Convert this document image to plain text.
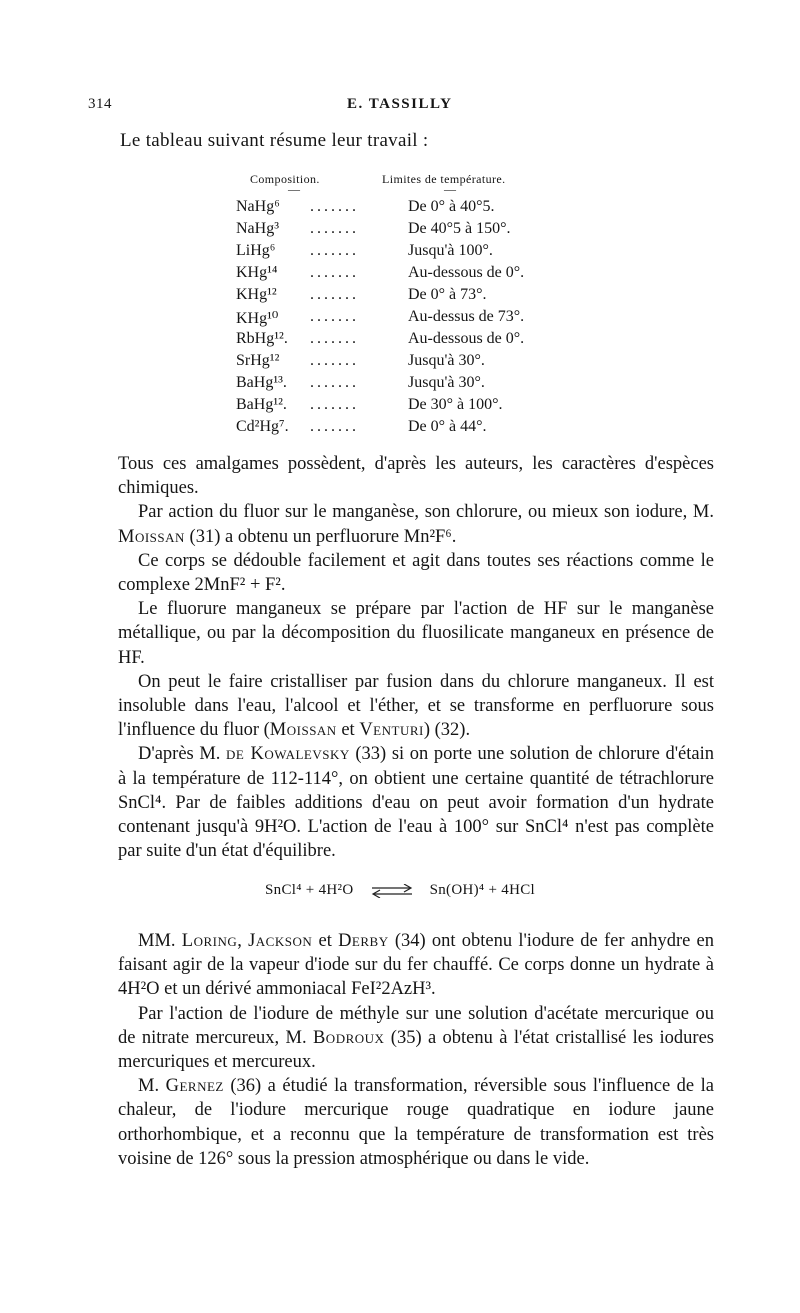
314	E. TASSILLY
Le tableau suivant résume leur travail :
Composition.	Limites de température.
—	—
NaHg⁶ .......	De 0° à 40°5.
NaHg³ .......	De 40°5 à 150°.
LiHg⁶ .......	Jusqu'à 100°.
KHg¹⁴ .......	Au-dessous de 0°.
KHg¹² .......	De 0° à 73°.
KHg¹⁰ .......	Au-dessus de 73°.
RbHg¹². .......	Au-dessous de 0°.
SrHg¹² .......	Jusqu'à 30°.
BaHg¹³. .......	Jusqu'à 30°.
BaHg¹². .......	De 30° à 100°.
Cd²Hg⁷. .......	De 0° à 44°.

Tous ces amalgames possèdent, d'après les auteurs, les caractères d'espèces chimiques.

Par action du fluor sur le manganèse, son chlorure, ou mieux son iodure, M. Moissan (31) a obtenu un perfluorure Mn²F⁶.

Ce corps se dédouble facilement et agit dans toutes ses réactions comme le complexe 2MnF² + F².

Le fluorure manganeux se prépare par l'action de HF sur le manganèse métallique, ou par la décomposition du fluosilicate manganeux en présence de HF.

On peut le faire cristalliser par fusion dans du chlorure manganeux. Il est insoluble dans l'eau, l'alcool et l'éther, et se transforme en perfluorure sous l'influence du fluor (Moissan et Venturi) (32).

D'après M. de Kowalevsky (33) si on porte une solution de chlorure d'étain à la température de 112-114°, on obtient une certaine quantité de tétrachlorure SnCl⁴. Par de faibles additions d'eau on peut avoir formation d'un hydrate contenant jusqu'à 9H²O. L'action de l'eau à 100° sur SnCl⁴ n'est pas complète par suite d'un état d'équilibre.

SnCl⁴ + 4H²O ⇌ Sn(OH)⁴ + 4HCl

MM. Loring, Jackson et Derby (34) ont obtenu l'iodure de fer anhydre en faisant agir de la vapeur d'iode sur du fer chauffé. Ce corps donne un hydrate à 4H²O et un dérivé ammoniacal FeI²2AzH³.

Par l'action de l'iodure de méthyle sur une solution d'acétate mercurique ou de nitrate mercureux, M. Bodroux (35) a obtenu à l'état cristallisé les iodures mercuriques et mercureux.

M. Gernez (36) a étudié la transformation, réversible sous l'influence de la chaleur, de l'iodure mercurique rouge quadratique en iodure jaune orthorhombique, et a reconnu que la température de transformation est très voisine de 126° sous la pression atmosphérique ou dans le vide.
